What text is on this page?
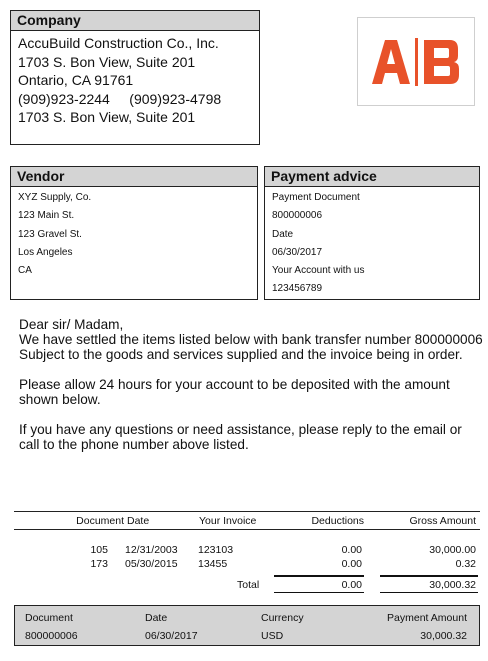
Company
AccuBuild Construction Co., Inc.
1703 S. Bon View, Suite 201
Ontario, CA 91761
(909)923-2244     (909)923-4798
1703 S. Bon View, Suite 201
Vendor
XYZ Supply, Co.
123 Main St.
123 Gravel St.
Los Angeles
CA
Payment advice
Payment Document
800000006
Date
06/30/2017
Your Account with us
123456789

Dear sir/ Madam,

We have settled the items listed below with bank transfer number 800000006 Subject to the goods and services supplied and the invoice being in order.

Please allow 24 hours for your account to be deposited with the amount shown below.

If you have any questions or need assistance, please reply to the email or call to the phone number above listed.

Document Date	Your Invoice	Deductions	Gross Amount
105 12/31/2003 123103	0.00	30,000.00
173 05/30/2015 13455	0.00	0.32
Total	0.00	30,000.32
Document	Date	Currency	Payment Amount
800000006	06/30/2017	USD	30,000.32
